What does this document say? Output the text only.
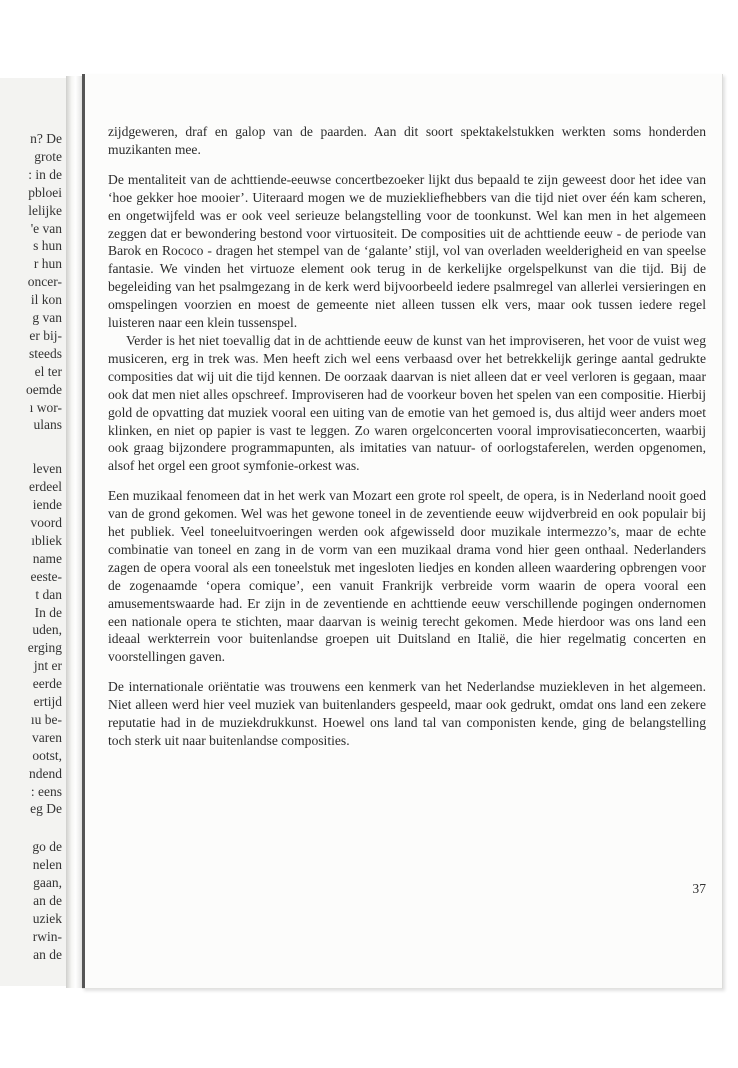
n? De
grote
: in de
pbloei
lelijke
'e van
s hun
r hun
oncer-
il kon
g van
er bij-
steeds
el ter
oemde
ı wor-
ulans
leven
erdeel
iende
voord
ıbliek
name
eeste-
t dan
In de
uden,
erging
jnt er
eerde
ertijd
ıu be-
varen
ootst,
ndend
: eens
eg De
go de
nelen
gaan,
an de
uziek
rwin-
an de

zijdgeweren, draf en galop van de paarden. Aan dit soort spektakelstukken werkten soms honderden muzikanten mee.

De mentaliteit van de achttiende-eeuwse concertbezoeker lijkt dus bepaald te zijn geweest door het idee van ‘hoe gekker hoe mooier’. Uiteraard mogen we de muziekliefhebbers van die tijd niet over één kam scheren, en ongetwijfeld was er ook veel serieuze belangstelling voor de toonkunst. Wel kan men in het algemeen zeggen dat er bewondering bestond voor virtuositeit. De composities uit de achttiende eeuw - de periode van Barok en Rococo - dragen het stempel van de ‘galante’ stijl, vol van overladen weelderigheid en van speelse fantasie. We vinden het virtuoze element ook terug in de kerkelijke orgelspelkunst van die tijd. Bij de begeleiding van het psalmgezang in de kerk werd bijvoorbeeld iedere psalmregel van allerlei versieringen en omspelingen voorzien en moest de gemeente niet alleen tussen elk vers, maar ook tussen iedere regel luisteren naar een klein tussenspel.

Verder is het niet toevallig dat in de achttiende eeuw de kunst van het improviseren, het voor de vuist weg musiceren, erg in trek was. Men heeft zich wel eens verbaasd over het betrekkelijk geringe aantal gedrukte composities dat wij uit die tijd kennen. De oorzaak daarvan is niet alleen dat er veel verloren is gegaan, maar ook dat men niet alles opschreef. Improviseren had de voorkeur boven het spelen van een compositie. Hierbij gold de opvatting dat muziek vooral een uiting van de emotie van het gemoed is, dus altijd weer anders moet klinken, en niet op papier is vast te leggen. Zo waren orgelconcerten vooral improvisatieconcerten, waarbij ook graag bijzondere programmapunten, als imitaties van natuur- of oorlogstaferelen, werden opgenomen, alsof het orgel een groot symfonie-orkest was.

Een muzikaal fenomeen dat in het werk van Mozart een grote rol speelt, de opera, is in Nederland nooit goed van de grond gekomen. Wel was het gewone toneel in de zeventiende eeuw wijdverbreid en ook populair bij het publiek. Veel toneeluitvoeringen werden ook afgewisseld door muzikale intermezzo’s, maar de echte combinatie van toneel en zang in de vorm van een muzikaal drama vond hier geen onthaal. Nederlanders zagen de opera vooral als een toneelstuk met ingesloten liedjes en konden alleen waardering opbrengen voor de zogenaamde ‘opera comique’, een vanuit Frankrijk verbreide vorm waarin de opera vooral een amusementswaarde had. Er zijn in de zeventiende en achttiende eeuw verschillende pogingen ondernomen een nationale opera te stichten, maar daarvan is weinig terecht gekomen. Mede hierdoor was ons land een ideaal werkterrein voor buitenlandse groepen uit Duitsland en Italië, die hier regelmatig concerten en voorstellingen gaven.

De internationale oriëntatie was trouwens een kenmerk van het Nederlandse muziekleven in het algemeen. Niet alleen werd hier veel muziek van buitenlanders gespeeld, maar ook gedrukt, omdat ons land een zekere reputatie had in de muziekdrukkunst. Hoewel ons land tal van componisten kende, ging de belangstelling toch sterk uit naar buitenlandse composities.

37
